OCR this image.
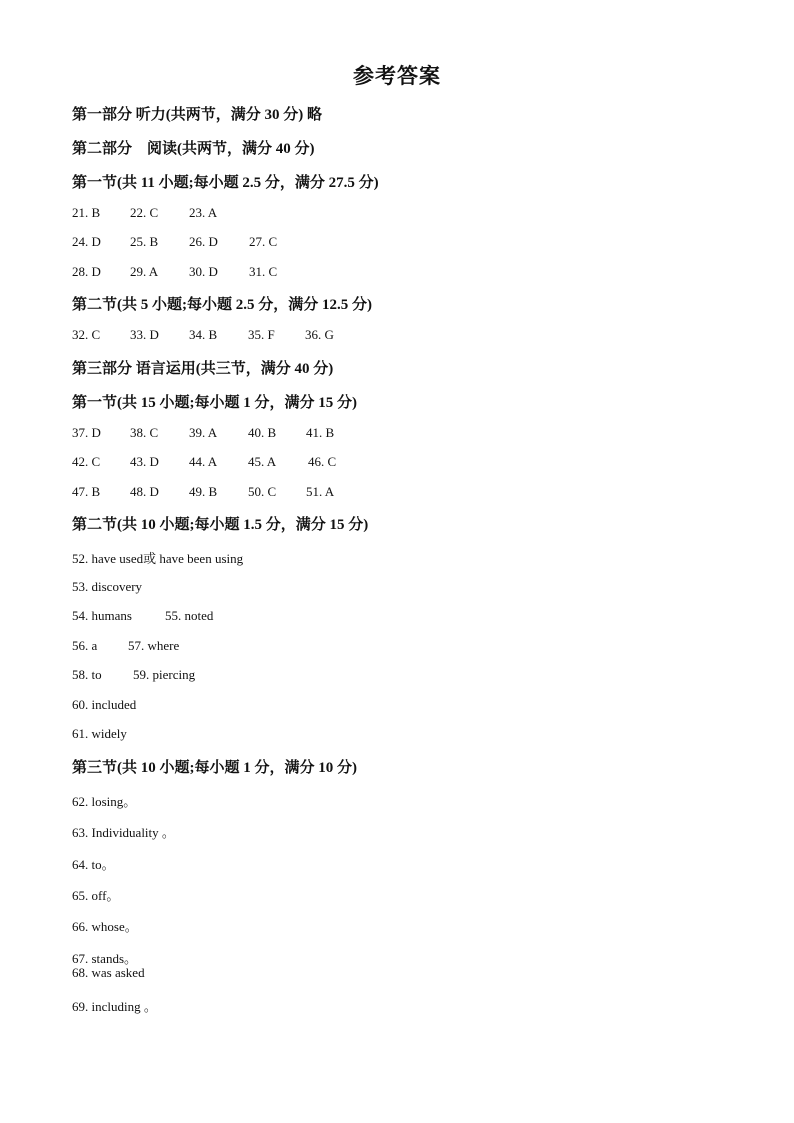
参考答案
第一部分 听力(共两节，满分 30 分) 略
第二部分　阅读(共两节，满分 40 分)
第一节(共 11 小题;每小题 2.5 分，满分 27.5 分)
21. B 22. C 23. A
24. D 25. B 26. D 27. C
28. D 29. A 30. D 31. C
第二节(共 5 小题;每小题 2.5 分，满分 12.5 分)
32. C 33. D 34. B 35. F 36. G
第三部分 语言运用(共三节，满分 40 分)
第一节(共 15 小题;每小题 1 分，满分 15 分)
37. D 38. C 39. A 40. B 41. B
42. C 43. D 44. A 45. A 46. C
47. B 48. D 49. B 50. C 51. A
第二节(共 10 小题;每小题 1.5 分，满分 15 分)
52. have used或 have been using
53. discovery
54. humans	55. noted
56. a 57. where
58. to 59. piercing
60. included
61. widely
第三节(共 10 小题;每小题 1 分，满分 10 分)
62. losing。
63. Individuality 。
64. to。
65. off。
66. whose。
67. stands。
68. was asked
69. including 。
